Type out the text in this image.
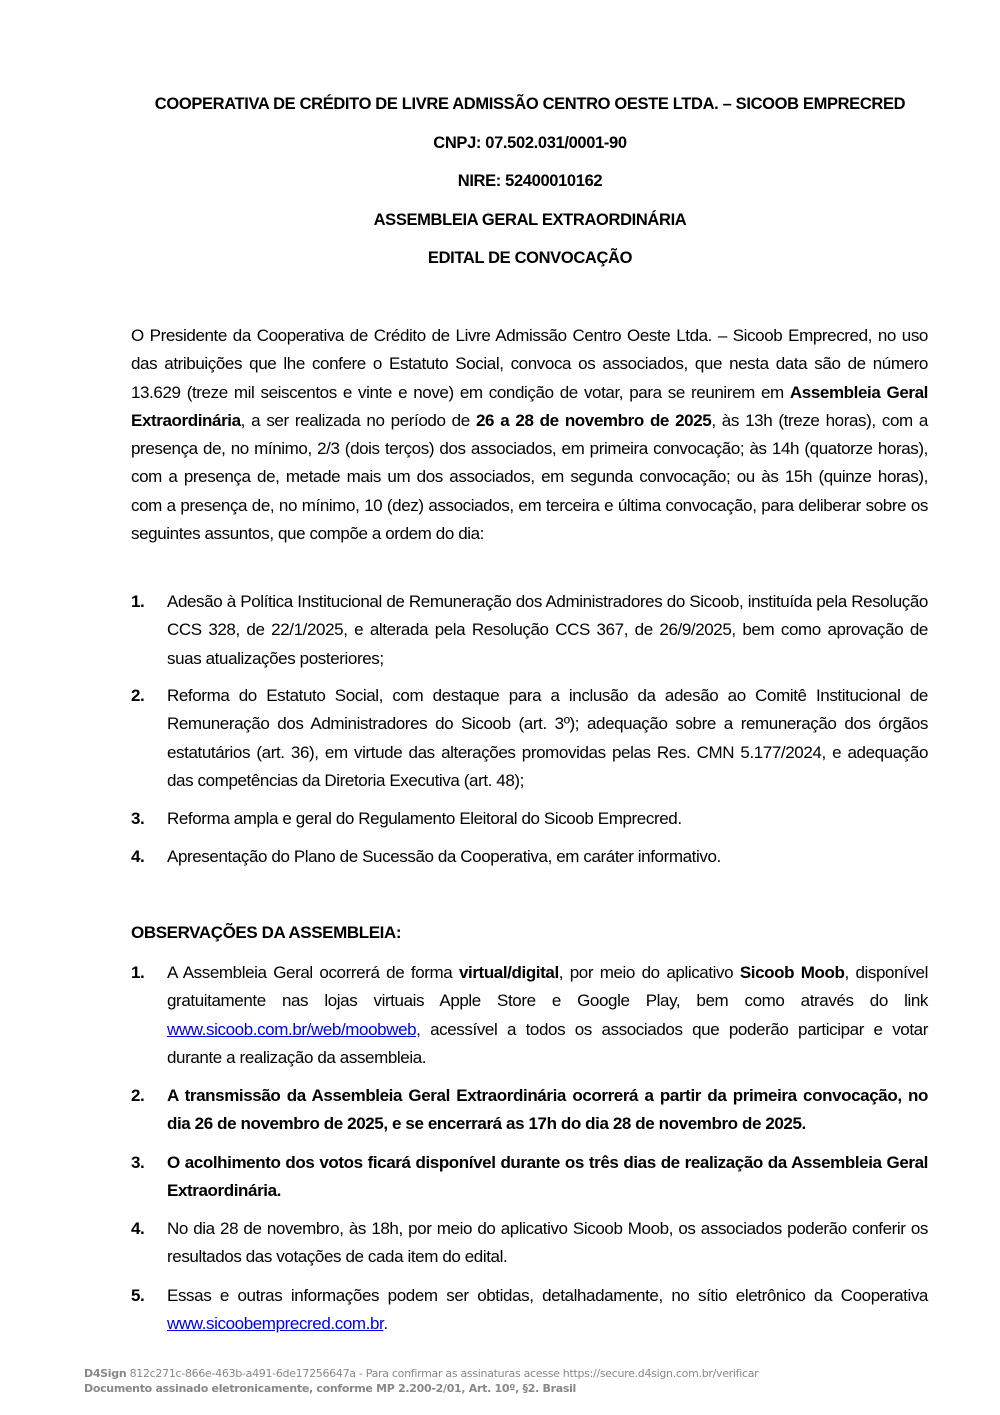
COOPERATIVA DE CRÉDITO DE LIVRE ADMISSÃO CENTRO OESTE LTDA. – SICOOB EMPRECRED
CNPJ: 07.502.031/0001-90
NIRE: 52400010162
ASSEMBLEIA GERAL EXTRAORDINÁRIA
EDITAL DE CONVOCAÇÃO
O Presidente da Cooperativa de Crédito de Livre Admissão Centro Oeste Ltda. – Sicoob Emprecred, no uso das atribuições que lhe confere o Estatuto Social, convoca os associados, que nesta data são de número 13.629 (treze mil seiscentos e vinte e nove) em condição de votar, para se reunirem em Assembleia Geral Extraordinária, a ser realizada no período de 26 a 28 de novembro de 2025, às 13h (treze horas), com a presença de, no mínimo, 2/3 (dois terços) dos associados, em primeira convocação; às 14h (quatorze horas), com a presença de, metade mais um dos associados, em segunda convocação; ou às 15h (quinze horas), com a presença de, no mínimo, 10 (dez) associados, em terceira e última convocação, para deliberar sobre os seguintes assuntos, que compõe a ordem do dia:
1.	Adesão à Política Institucional de Remuneração dos Administradores do Sicoob, instituída pela Resolução CCS 328, de 22/1/2025, e alterada pela Resolução CCS 367, de 26/9/2025, bem como aprovação de suas atualizações posteriores;
2.	Reforma do Estatuto Social, com destaque para a inclusão da adesão ao Comitê Institucional de Remuneração dos Administradores do Sicoob (art. 3º); adequação sobre a remuneração dos órgãos estatutários (art. 36), em virtude das alterações promovidas pelas Res. CMN 5.177/2024, e adequação das competências da Diretoria Executiva (art. 48);
3.	Reforma ampla e geral do Regulamento Eleitoral do Sicoob Emprecred.
4.	Apresentação do Plano de Sucessão da Cooperativa, em caráter informativo.
OBSERVAÇÕES DA ASSEMBLEIA:
1.	A Assembleia Geral ocorrerá de forma virtual/digital, por meio do aplicativo Sicoob Moob, disponível gratuitamente nas lojas virtuais Apple Store e Google Play, bem como através do link www.sicoob.com.br/web/moobweb, acessível a todos os associados que poderão participar e votar durante a realização da assembleia.
2.	A transmissão da Assembleia Geral Extraordinária ocorrerá a partir da primeira convocação, no dia 26 de novembro de 2025, e se encerrará as 17h do dia 28 de novembro de 2025.
3.	O acolhimento dos votos ficará disponível durante os três dias de realização da Assembleia Geral Extraordinária.
4.	No dia 28 de novembro, às 18h, por meio do aplicativo Sicoob Moob, os associados poderão conferir os resultados das votações de cada item do edital.
5.	Essas e outras informações podem ser obtidas, detalhadamente, no sítio eletrônico da Cooperativa www.sicoobemprecred.com.br.
D4Sign 812c271c-866e-463b-a491-6de17256647a - Para confirmar as assinaturas acesse https://secure.d4sign.com.br/verificar
Documento assinado eletronicamente, conforme MP 2.200-2/01, Art. 10º, §2. Brasil
